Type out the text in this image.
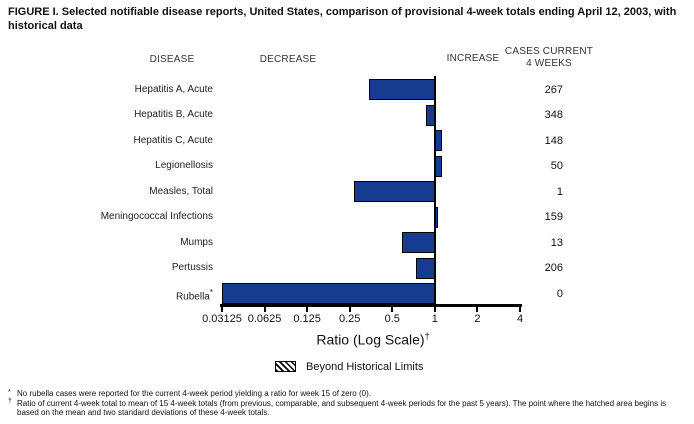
FIGURE I. Selected notifiable disease reports, United States, comparison of provisional 4-week totals ending April 12, 2003, with historical data
DISEASE	DECREASE	INCREASE
CASES CURRENT
4 WEEKS
Ratio (Log Scale)†
Beyond Historical Limits
* No rubella cases were reported for the current 4-week period yielding a ratio for week 15 of zero (0).
† Ratio of current 4-week total to mean of 15 4-week totals (from previous, comparable, and subsequent 4-week periods for the past 5 years). The point where the hatched area begins is based on the mean and two standard deviations of these 4-week totals.
Hepatitis A, Acute	267
Hepatitis B, Acute	348
Hepatitis C, Acute	148
Legionellosis	50
Measles, Total	1
Meningococcal Infections	159
Mumps	13
Pertussis	206
Rubella*	0
0.03125 0.0625 0.125 0.25 0.5	1	2	4
